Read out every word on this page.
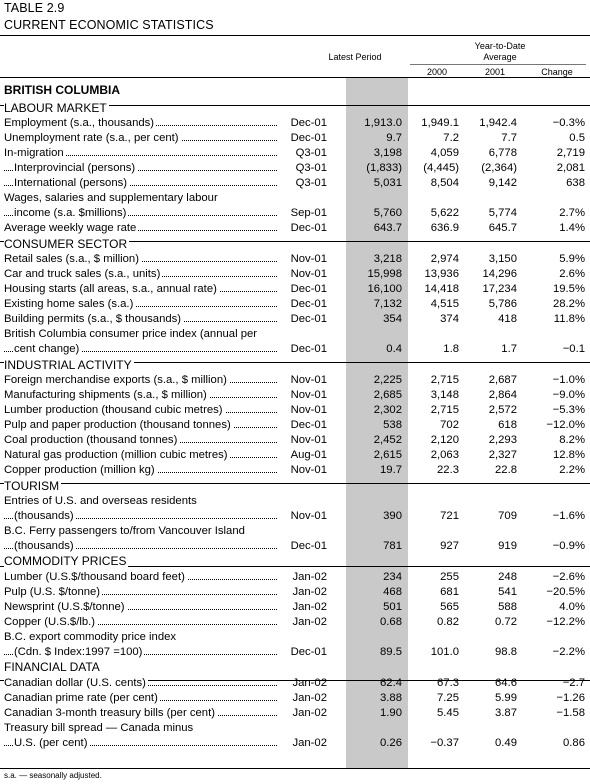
TABLE 2.9
CURRENT ECONOMIC STATISTICS
Latest Period
Year-to-Date
Average
2000	2001	Change
BRITISH COLUMBIA
LABOUR MARKET
Employment (s.a., thousands)	Dec-01	1,913.0	1,949.1	1,942.4	−0.3%
Unemployment rate (s.a., per cent)	Dec-01	9.7	7.2	7.7	0.5
In-migration	Q3-01	3,198	4,059	6,778	2,719
Interprovincial (persons)	Q3-01	(1,833)	(4,445)	(2,364)	2,081
International (persons)	Q3-01	5,031	8,504	9,142	638
Wages, salaries and supplementary labour
income (s.a. $millions)	Sep-01	5,760	5,622	5,774	2.7%
Average weekly wage rate	Dec-01	643.7	636.9	645.7	1.4%
CONSUMER SECTOR
Retail sales (s.a., $ million)	Nov-01	3,218	2,974	3,150	5.9%
Car and truck sales (s.a., units)	Nov-01	15,998	13,936	14,296	2.6%
Housing starts (all areas, s.a., annual rate)	Dec-01	16,100	14,418	17,234	19.5%
Existing home sales (s.a.)	Dec-01	7,132	4,515	5,786	28.2%
Building permits (s.a., $ thousands)	Dec-01	354	374	418	11.8%
British Columbia consumer price index (annual per
cent change)	Dec-01	0.4	1.8	1.7	−0.1
INDUSTRIAL ACTIVITY
Foreign merchandise exports (s.a., $ million)	Nov-01	2,225	2,715	2,687	−1.0%
Manufacturing shipments (s.a., $ million)	Nov-01	2,685	3,148	2,864	−9.0%
Lumber production (thousand cubic metres)	Nov-01	2,302	2,715	2,572	−5.3%
Pulp and paper production (thousand tonnes)	Dec-01	538	702	618	−12.0%
Coal production (thousand tonnes)	Nov-01	2,452	2,120	2,293	8.2%
Natural gas production (million cubic metres)	Aug-01	2,615	2,063	2,327	12.8%
Copper production (million kg)	Nov-01	19.7	22.3	22.8	2.2%
TOURISM
Entries of U.S. and overseas residents
(thousands)	Nov-01	390	721	709	−1.6%
B.C. Ferry passengers to/from Vancouver Island
(thousands)	Dec-01	781	927	919	−0.9%
COMMODITY PRICES
Lumber (U.S.$/thousand board feet)	Jan-02	234	255	248	−2.6%
Pulp (U.S. $/tonne)	Jan-02	468	681	541	−20.5%
Newsprint (U.S.$/tonne)	Jan-02	501	565	588	4.0%
Copper (U.S.$/lb.)	Jan-02	0.68	0.82	0.72	−12.2%
B.C. export commodity price index
(Cdn. $ Index:1997 =100)	Dec-01	89.5	101.0	98.8	−2.2%
FINANCIAL DATA
Canadian dollar (U.S. cents)	Jan-02	62.4	67.3	64.6	−2.7
Canadian prime rate (per cent)	Jan-02	3.88	7.25	5.99	−1.26
Canadian 3-month treasury bills (per cent)	Jan-02	1.90	5.45	3.87	−1.58
Treasury bill spread — Canada minus
U.S. (per cent)	Jan-02	0.26	−0.37	0.49	0.86
s.a. — seasonally adjusted.
